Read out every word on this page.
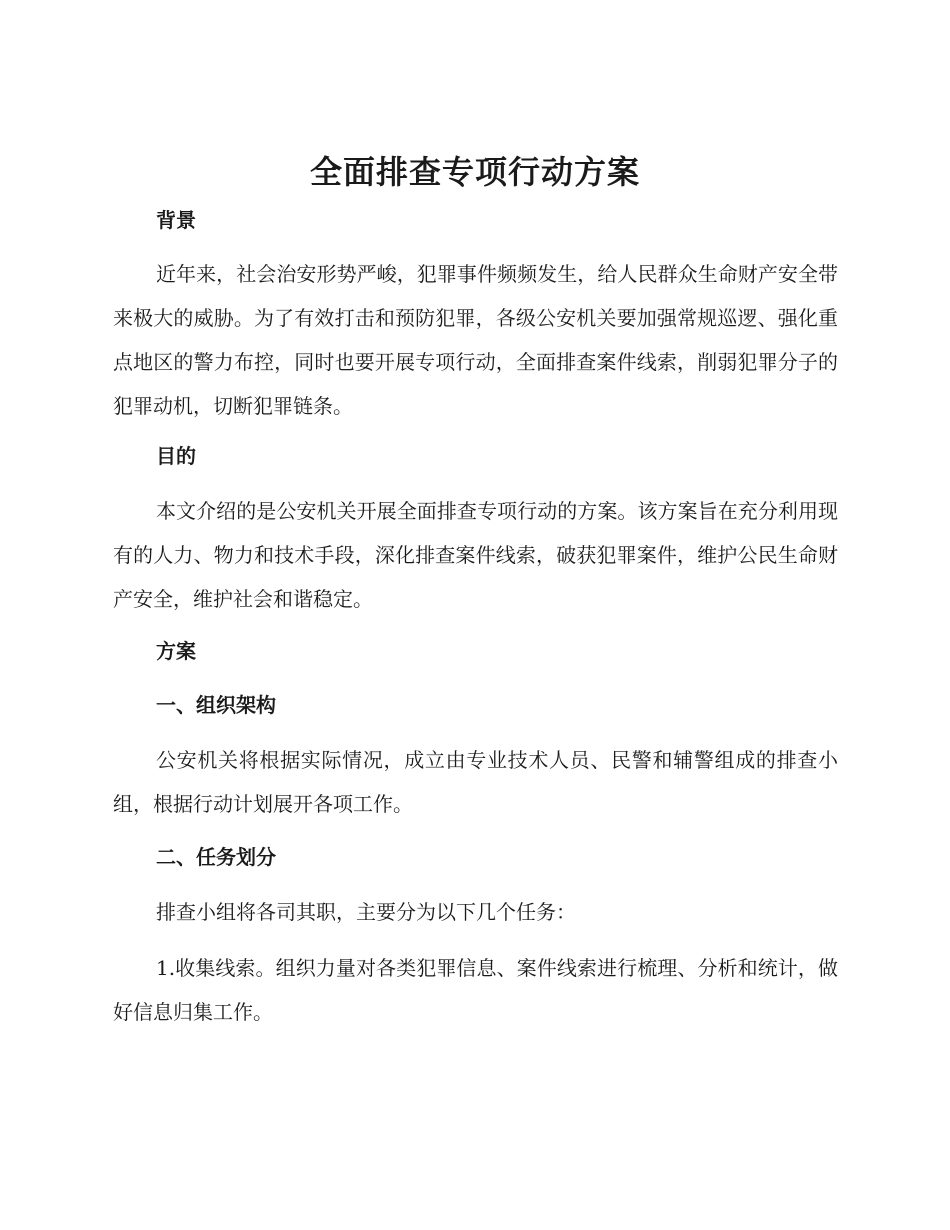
全面排查专项行动方案
背景

近年来，社会治安形势严峻，犯罪事件频频发生，给人民群众生命财产安全带来极大的威胁。为了有效打击和预防犯罪，各级公安机关要加强常规巡逻、强化重点地区的警力布控，同时也要开展专项行动，全面排查案件线索，削弱犯罪分子的犯罪动机，切断犯罪链条。

目的

本文介绍的是公安机关开展全面排查专项行动的方案。该方案旨在充分利用现有的人力、物力和技术手段，深化排查案件线索，破获犯罪案件，维护公民生命财产安全，维护社会和谐稳定。

方案
一、组织架构

公安机关将根据实际情况，成立由专业技术人员、民警和辅警组成的排查小组，根据行动计划展开各项工作。

二、任务划分

排查小组将各司其职，主要分为以下几个任务：

1.收集线索。组织力量对各类犯罪信息、案件线索进行梳理、分析和统计，做好信息归集工作。
